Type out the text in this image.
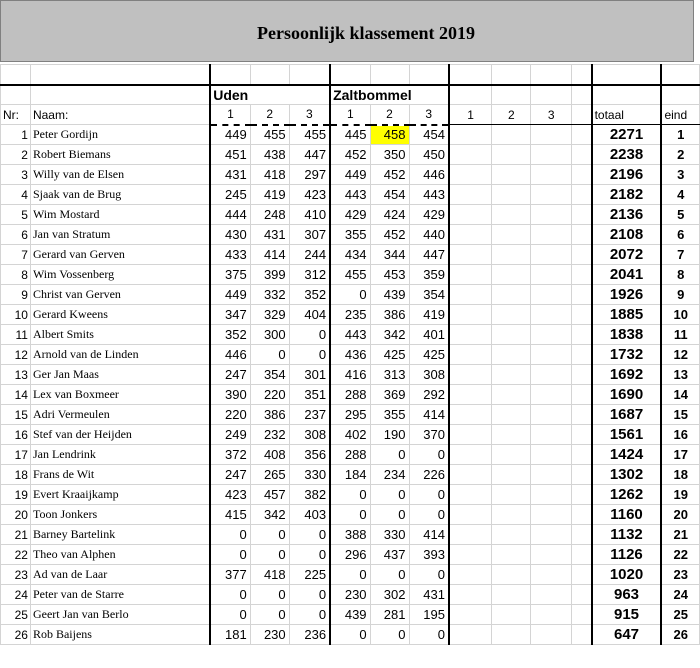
Persoonlijk klassement 2019

		Uden			Zaltbommel								
Nr:	Naam:	1	2	3	1	2	3	1	2	3		totaal	eind
1	Peter Gordijn	449	455	455	445	458	454					2271	1
2	Robert Biemans	451	438	447	452	350	450					2238	2
3	Willy van de Elsen	431	418	297	449	452	446					2196	3
4	Sjaak van de Brug	245	419	423	443	454	443					2182	4
5	Wim Mostard	444	248	410	429	424	429					2136	5
6	Jan van Stratum	430	431	307	355	452	440					2108	6
7	Gerard van Gerven	433	414	244	434	344	447					2072	7
8	Wim Vossenberg	375	399	312	455	453	359					2041	8
9	Christ van Gerven	449	332	352	0	439	354					1926	9
10	Gerard Kweens	347	329	404	235	386	419					1885	10
11	Albert Smits	352	300	0	443	342	401					1838	11
12	Arnold van de Linden	446	0	0	436	425	425					1732	12
13	Ger Jan Maas	247	354	301	416	313	308					1692	13
14	Lex van Boxmeer	390	220	351	288	369	292					1690	14
15	Adri Vermeulen	220	386	237	295	355	414					1687	15
16	Stef van der Heijden	249	232	308	402	190	370					1561	16
17	Jan Lendrink	372	408	356	288	0	0					1424	17
18	Frans de Wit	247	265	330	184	234	226					1302	18
19	Evert Kraaijkamp	423	457	382	0	0	0					1262	19
20	Toon Jonkers	415	342	403	0	0	0					1160	20
21	Barney Bartelink	0	0	0	388	330	414					1132	21
22	Theo van Alphen	0	0	0	296	437	393					1126	22
23	Ad van de Laar	377	418	225	0	0	0					1020	23
24	Peter van de Starre	0	0	0	230	302	431					963	24
25	Geert Jan van Berlo	0	0	0	439	281	195					915	25
26	Rob Baijens	181	230	236	0	0	0					647	26
